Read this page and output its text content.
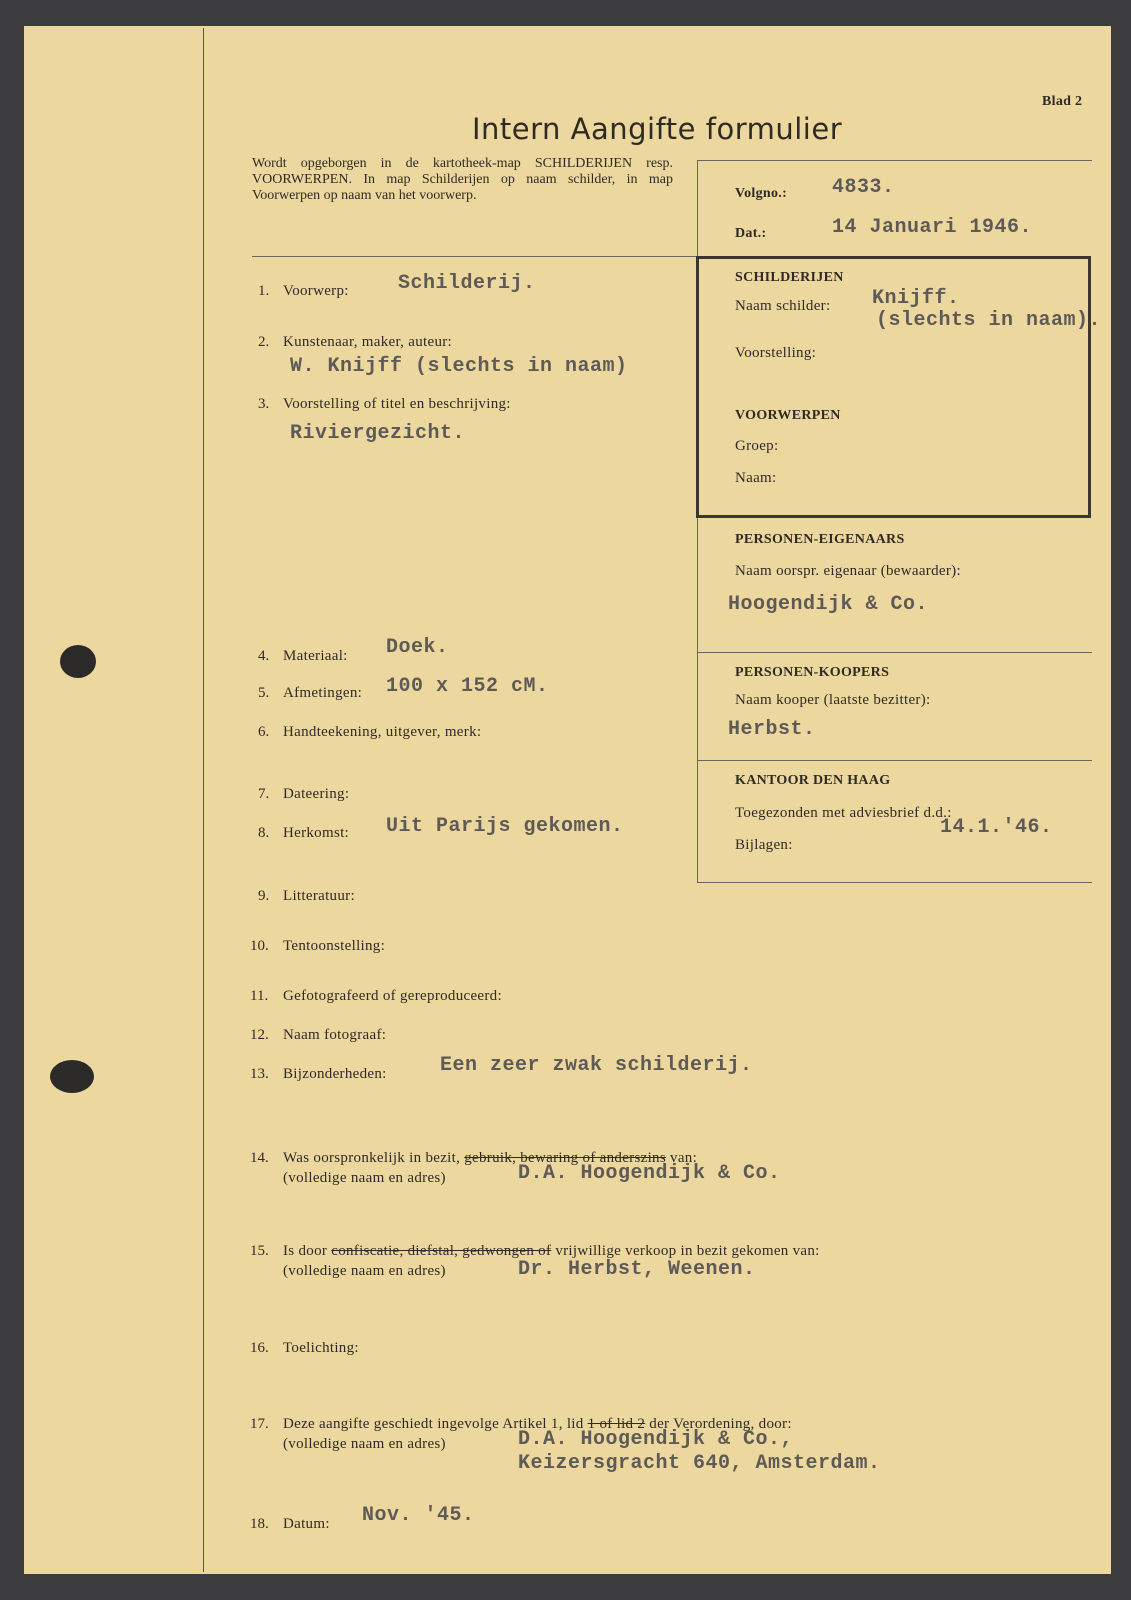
Blad 2
Intern Aangifte formulier
Wordt opgeborgen in de kartotheek-map SCHILDERIJEN resp. VOORWERPEN. In map Schilderijen op naam schilder, in map Voorwerpen op naam van het voorwerp.	Volgno.: 4833.
Dat.:	14 Januari 1946.
SCHILDERIJEN
Naam schilder: Knijff.
(slechts in naam).
Voorstelling:
VOORWERPEN
Groep:
Naam:
PERSONEN-EIGENAARS
Naam oorspr. eigenaar (bewaarder):
Hoogendijk & Co.
PERSONEN-KOOPERS
Naam kooper (laatste bezitter):
Herbst.
KANTOOR DEN HAAG
Toegezonden met adviesbrief d.d.:
14.1.'46.
Bijlagen:
1. Voorwerp: Schilderij.
2. Kunstenaar, maker, auteur:
W. Knijff (slechts in naam)
3. Voorstelling of titel en beschrijving:
Riviergezicht.
4. Materiaal: Doek.
5. Afmetingen: 100 x 152 cM.
6. Handteekening, uitgever, merk:
7. Dateering:
8. Herkomst: Uit Parijs gekomen.
9. Litteratuur:
10. Tentoonstelling:
11. Gefotografeerd of gereproduceerd:
12. Naam fotograaf:
13. Bijzonderheden:	Een zeer zwak schilderij.
14. Was oorspronkelijk in bezit, gebruik, bewaring of anderszins van:
(volledige naam en adres)	D.A. Hoogendijk & Co.
15. Is door confiscatie, diefstal, gedwongen of vrijwillige verkoop in bezit gekomen van:
(volledige naam en adres)	Dr. Herbst, Weenen.
16. Toelichting:
17. Deze aangifte geschiedt ingevolge Artikel 1, lid 1 of lid 2 der Verordening, door:
(volledige naam en adres)	D.A. Hoogendijk & Co.,
Keizersgracht 640, Amsterdam.
18. Datum: Nov. '45.
